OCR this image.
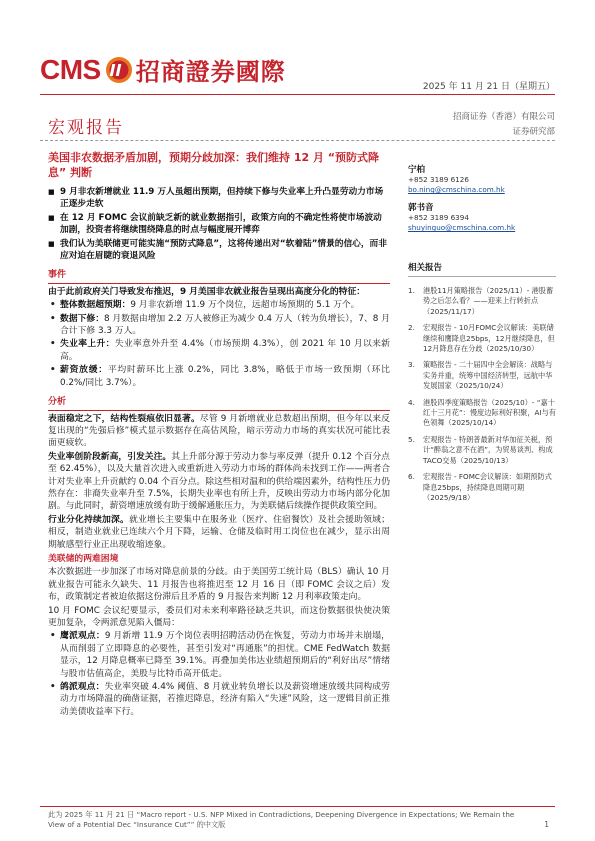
CMS 招商證券國際
2025 年 11 月 21 日（星期五）
宏观报告
招商证券（香港）有限公司
证券研究部
美国非农数据矛盾加剧，预期分歧加深：我们维持 12 月 “预防式降息” 判断
■ 9 月非农新增就业 11.9 万人虽超出预期，但持续下修与失业率上升凸显劳动力市场正逐步走软
■ 在 12 月 FOMC 会议前缺乏新的就业数据指引，政策方向的不确定性将使市场波动加剧，投资者将继续围绕降息的时点与幅度展开博弈
■ 我们认为美联储更可能实施“预防式降息”，这将传递出对“软着陆”情景的信心，而非应对迫在眉睫的衰退风险
事件

由于此前政府关门导致发布推迟，9 月美国非农就业报告呈现出高度分化的特征：

• 整体数据超预期：9 月非农新增 11.9 万个岗位，远超市场预期的 5.1 万个。
• 数据下修：8 月数据由增加 2.2 万人被修正为减少 0.4 万人（转为负增长），7、8 月合计下修 3.3 万人。
• 失业率上升：失业率意外升至 4.4%（市场预期 4.3%），创 2021 年 10 月以来新高。
• 薪资放缓：平均时薪环比上涨 0.2%，同比 3.8%，略低于市场一致预期（环比 0.2%/同比 3.7%）。
分析

表面稳定之下，结构性裂痕依旧显著。尽管 9 月新增就业总数超出预期，但今年以来反复出现的“先强后修”模式显示数据存在高估风险，暗示劳动力市场的真实状况可能比表面更疲软。

失业率创阶段新高，引发关注。其上升部分源于劳动力参与率反弹（提升 0.12 个百分点至 62.45%），以及大量首次进入或重新进入劳动力市场的群体尚未找到工作——两者合计对失业率上升贡献约 0.04 个百分点。除这些相对温和的供给端因素外，结构性压力仍然存在：非裔失业率升至 7.5%，长期失业率也有所上升，反映出劳动力市场内部分化加剧。与此同时，薪资增速放缓有助于缓解通胀压力，为美联储后续操作提供政策空间。

行业分化持续加深。就业增长主要集中在服务业（医疗、住宿餐饮）及社会援助领域；相反，制造业就业已连续六个月下降，运输、仓储及临时用工岗位也在减少，显示出周期敏感型行业正出现收缩迹象。

美联储的两难困境

本次数据进一步加深了市场对降息前景的分歧。由于美国劳工统计局（BLS）确认 10 月就业报告可能永久缺失、11 月报告也将推迟至 12 月 16 日（即 FOMC 会议之后）发布，政策制定者被迫依据这份滞后且矛盾的 9 月报告来判断 12 月利率政策走向。

10 月 FOMC 会议纪要显示，委员们对未来利率路径缺乏共识，而这份数据很快使决策更加复杂，令两派意见陷入僵局：

• 鹰派观点：9 月新增 11.9 万个岗位表明招聘活动仍在恢复，劳动力市场并未崩塌，从而削弱了立即降息的必要性，甚至引发对“再通胀”的担忧。CME FedWatch 数据显示，12 月降息概率已降至 39.1%。再叠加美伟达业绩超预期后的“利好出尽”情绪与股市估值高企，美股与比特币高开低走。
• 鸽派观点：失业率突破 4.4% 阈值、8 月就业转负增长以及薪资增速放缓共同构成劳动力市场降温的确凿证据，若推迟降息，经济有陷入“失速”风险，这一逻辑目前正推动美债收益率下行。
宁柏
+852 3189 6126
bo.ning@cmschina.com.hk
郭书音
+852 3189 6394
shuyinguo@cmschina.com.hk
相关报告
1.	港股11月策略报告（2025/11）- 港股蓄势之后怎么看？——迎来上行转折点（2025/11/17）
2.	宏观报告 - 10月FOMC会议解读：美联储继续和鹰降息25bps，12月继续降息，但12月降息存在分歧（2025/10/30）
3.	策略报告 - 二十届四中全会解读：战略与实务并重，统筹中国经济转型，远航中华发展国家（2025/10/24）
4.	港股四季度策略报告（2025/10）- “嘉十红十三月花”：慢度边际利好积聚，AI与有色领舞（2025/10/14）
5.	宏观报告 - 特朗普最新对华加征关税，预计“醉翁之意不在酒”，为贸易谈判、构成TACO交易（2025/10/13）
6.	宏观报告 - FOMC会议解读：如期预防式降息25bps，持续降息周期可期（2025/9/18）
此为 2025 年 11 月 21 日 “Macro report - U.S. NFP Mixed in Contradictions, Deepening Divergence in Expectations; We Remain the View of a Potential Dec “Insurance Cut”” 的中文版	1
